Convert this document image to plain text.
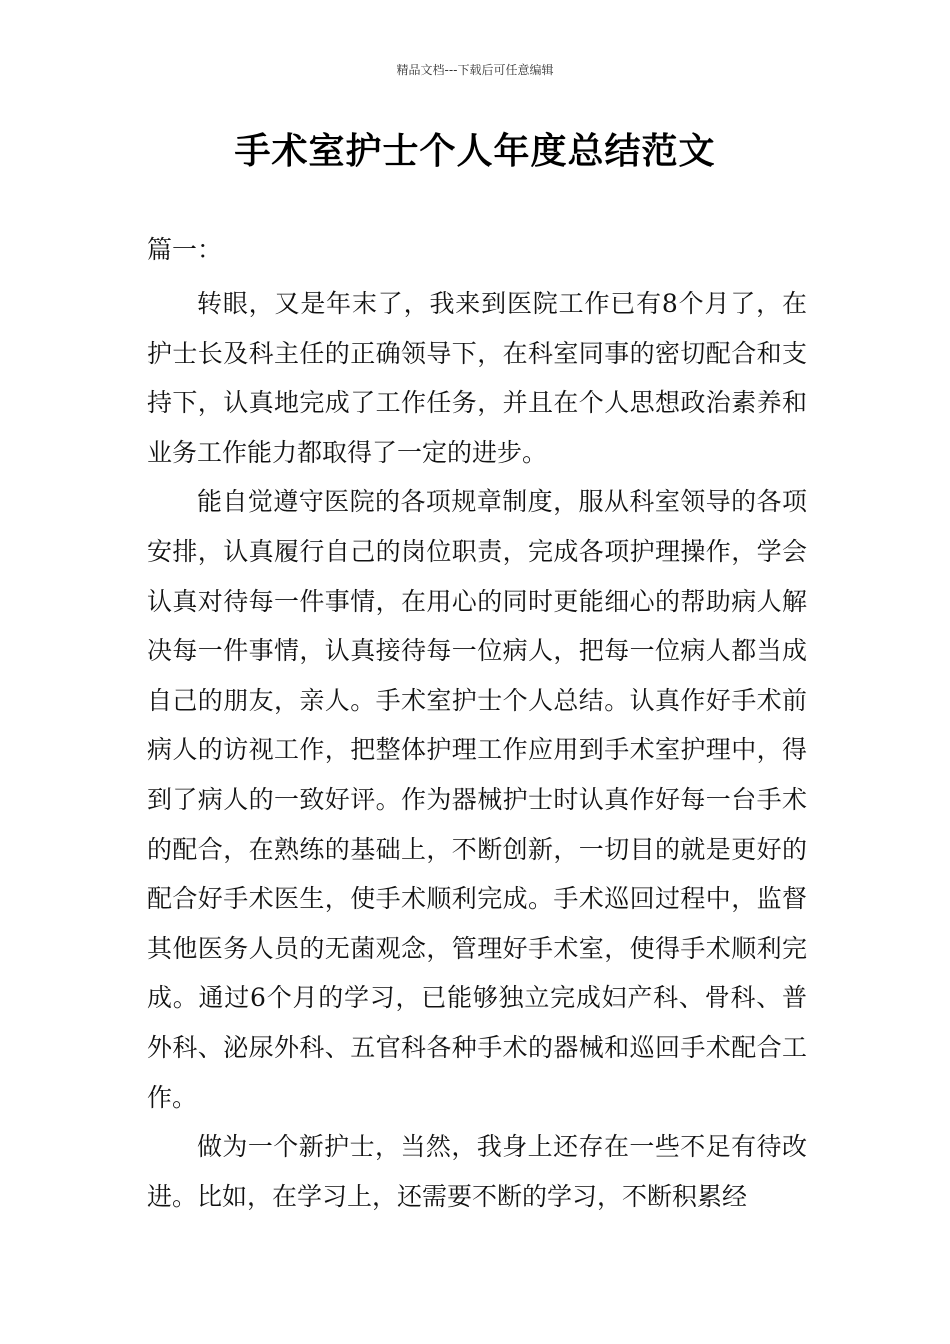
精品文档---下载后可任意编辑
手术室护士个人年度总结范文
篇一：

转眼，又是年末了，我来到医院工作已有8个月了，在护士长及科主任的正确领导下，在科室同事的密切配合和支持下，认真地完成了工作任务，并且在个人思想政治素养和业务工作能力都取得了一定的进步。

能自觉遵守医院的各项规章制度，服从科室领导的各项安排，认真履行自己的岗位职责，完成各项护理操作，学会认真对待每一件事情，在用心的同时更能细心的帮助病人解决每一件事情，认真接待每一位病人，把每一位病人都当成自己的朋友，亲人。手术室护士个人总结。认真作好手术前病人的访视工作，把整体护理工作应用到手术室护理中，得到了病人的一致好评。作为器械护士时认真作好每一台手术的配合，在熟练的基础上，不断创新，一切目的就是更好的配合好手术医生，使手术顺利完成。手术巡回过程中，监督其他医务人员的无菌观念，管理好手术室，使得手术顺利完成。通过6个月的学习，已能够独立完成妇产科、骨科、普外科、泌尿外科、五官科各种手术的器械和巡回手术配合工作。

做为一个新护士，当然，我身上还存在一些不足有待改进。比如，在学习上，还需要不断的学习，不断积累经
